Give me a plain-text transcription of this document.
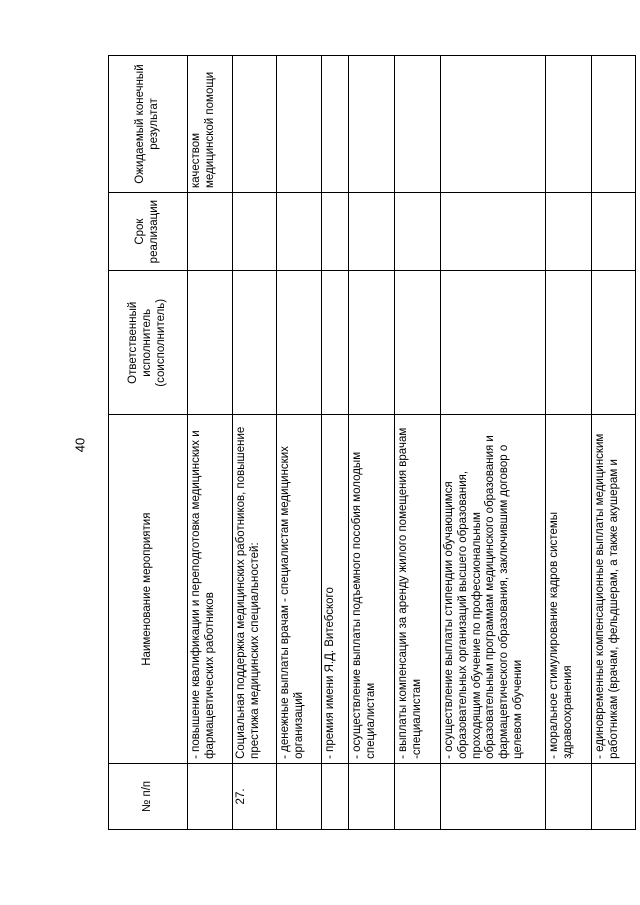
40
№ п/п	Наименование мероприятия	Ответственный исполнитель (соисполнитель)	Срок реализации	Ожидаемый конечный результат
	- повышение квалификации и переподготовка медицинских и фармацевтических работников			качеством медицинской помощи
27.	Социальная поддержка медицинских работников, повышение престижа медицинских специальностей:			
	- денежные выплаты врачам - специалистам медицинских организаций			
	- премия имени Я.Д. Витебского			
	- осуществление выплаты подъемного пособия молодым специалистам			
	- выплаты компенсации за аренду жилого помещения врачам -специалистам			
	- осуществление выплаты стипендии обучающимся образовательных организаций высшего образования, проходящим обучение по профессиональным образовательным программам медицинского образования и фармацевтического образования, заключившим договор о целевом обучении			
	- моральное стимулирование кадров системы здравоохранения			
	- единовременные компенсационные выплаты медицинским работникам (врачам, фельдшерам, а также акушерам и			
